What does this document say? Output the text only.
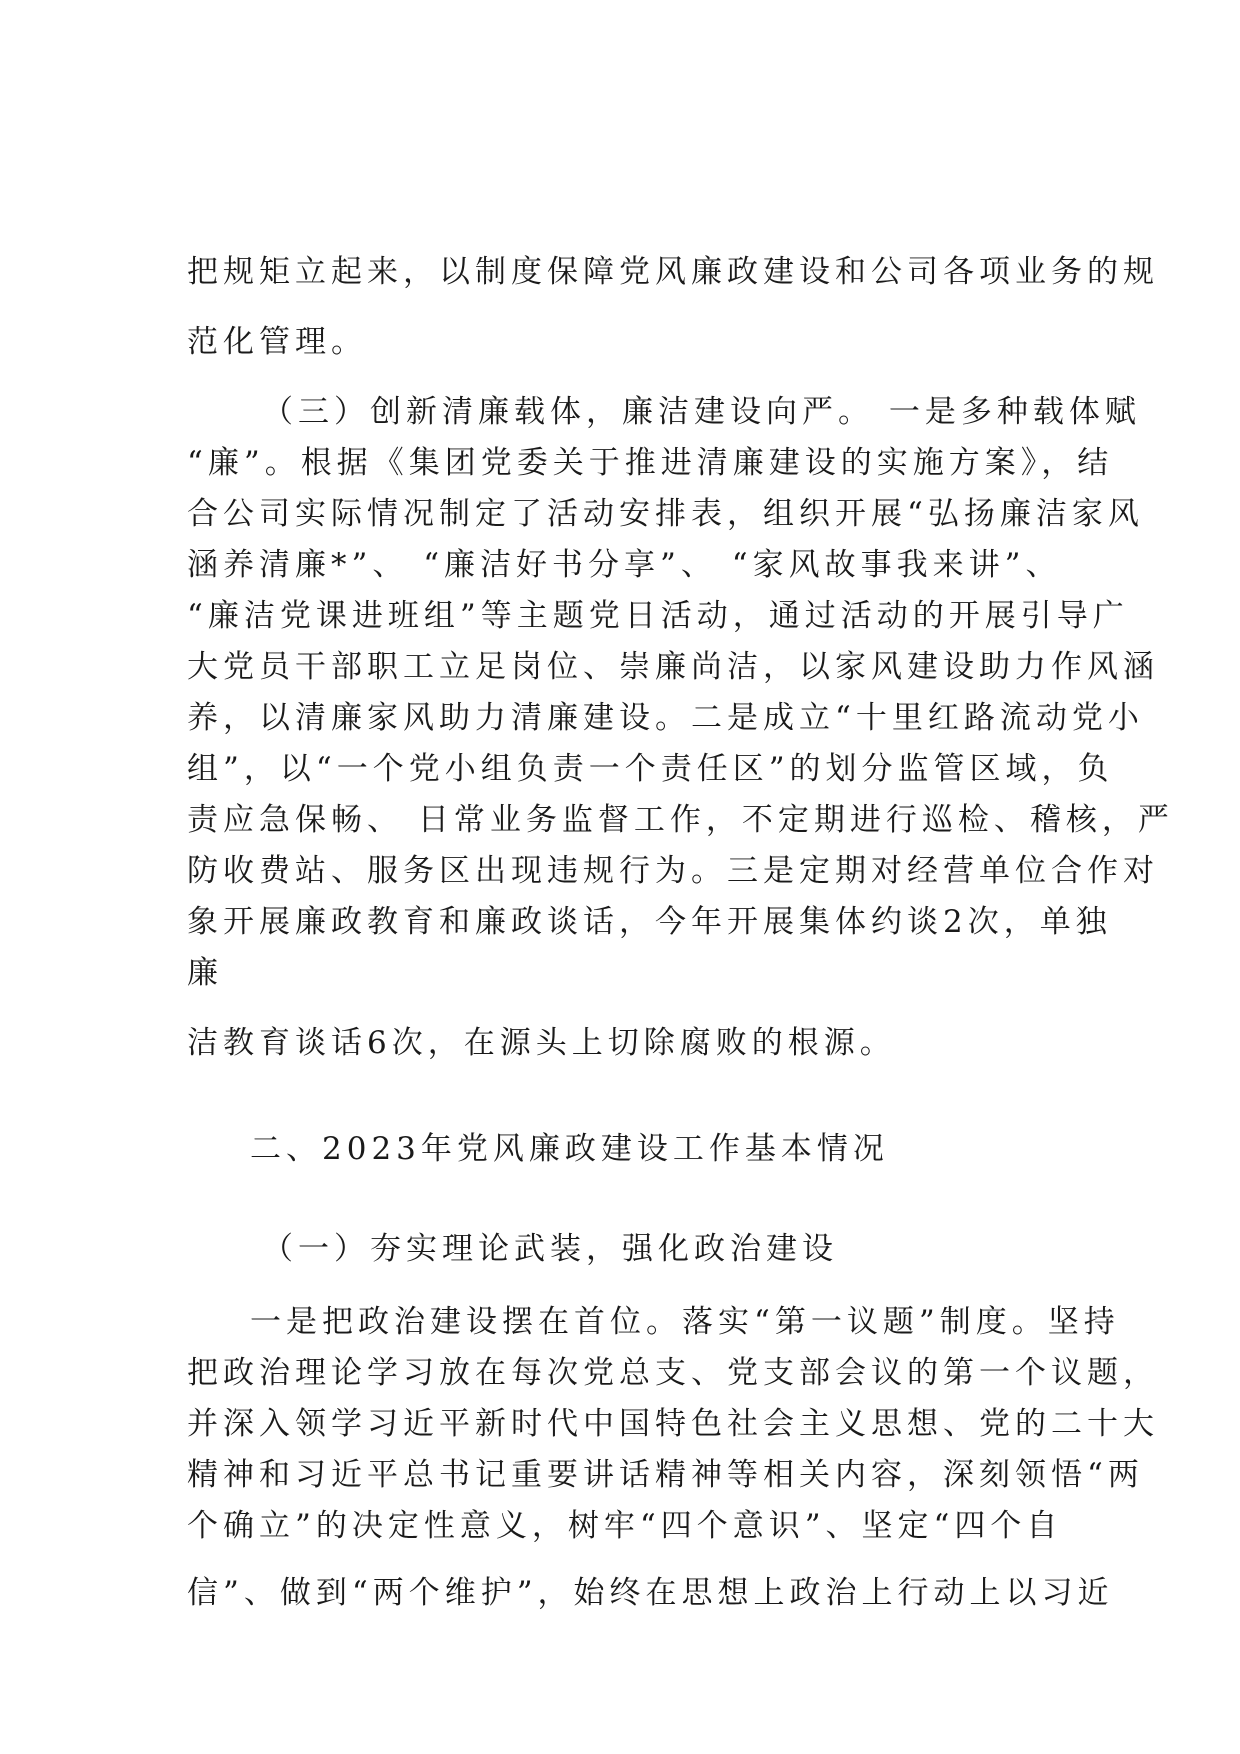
把规矩立起来，以制度保障党风廉政建设和公司各项业务的规
范化管理。
（三）创新清廉载体，廉洁建设向严。 一是多种载体赋
“廉”。根据《集团党委关于推进清廉建设的实施方案》，结
合公司实际情况制定了活动安排表，组织开展“弘扬廉洁家风
涵养清廉*”、 “廉洁好书分享”、 “家风故事我来讲”、
“廉洁党课进班组”等主题党日活动，通过活动的开展引导广
大党员干部职工立足岗位、崇廉尚洁，以家风建设助力作风涵
养，以清廉家风助力清廉建设。二是成立“十里红路流动党小
组”，以“一个党小组负责一个责任区”的划分监管区域，负
责应急保畅、 日常业务监督工作，不定期进行巡检、稽核，严
防收费站、服务区出现违规行为。三是定期对经营单位合作对
象开展廉政教育和廉政谈话，今年开展集体约谈2次，单独
廉
洁教育谈话6次，在源头上切除腐败的根源。
二、2023年党风廉政建设工作基本情况
（一）夯实理论武装，强化政治建设
一是把政治建设摆在首位。落实“第一议题”制度。坚持
把政治理论学习放在每次党总支、党支部会议的第一个议题，
并深入领学习近平新时代中国特色社会主义思想、党的二十大
精神和习近平总书记重要讲话精神等相关内容，深刻领悟“两
个确立”的决定性意义，树牢“四个意识”、坚定“四个自
信”、做到“两个维护”，始终在思想上政治上行动上以习近
